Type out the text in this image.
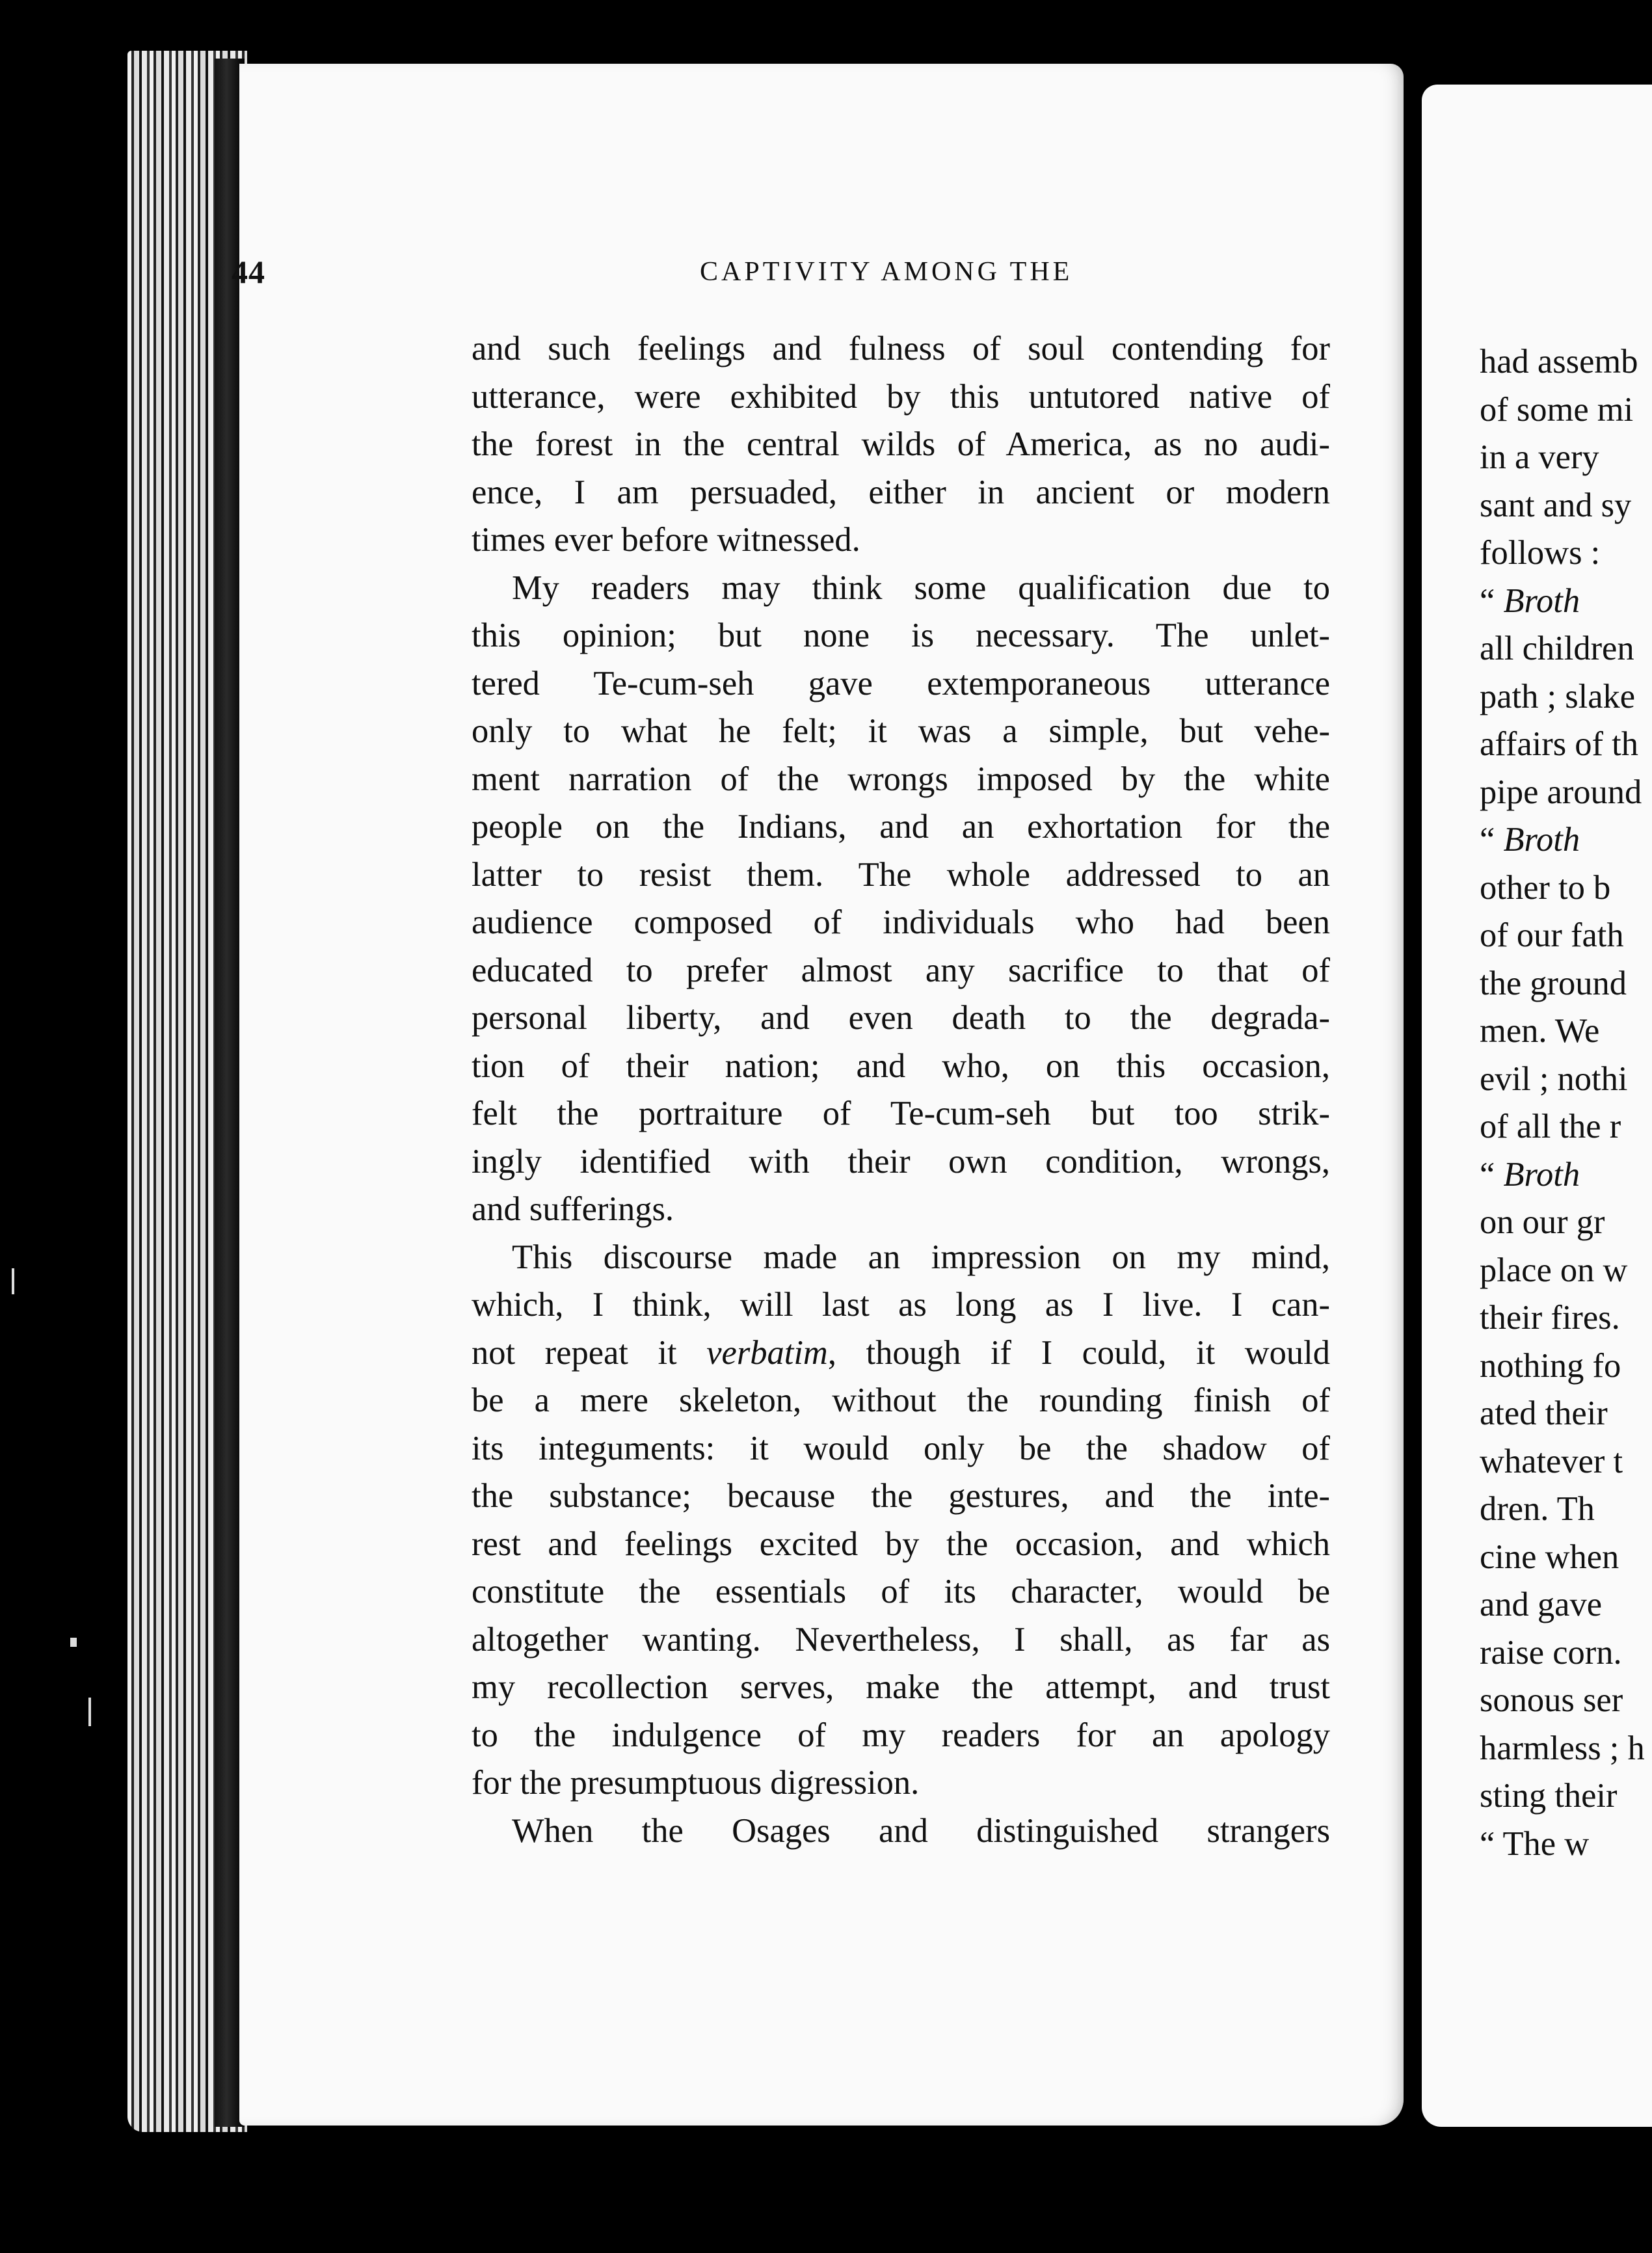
44	CAPTIVITY AMONG THE
and such feelings and fulness of soul contending for
utterance, were exhibited by this untutored native of
the forest in the central wilds of America, as no audi-
ence, I am persuaded, either in ancient or modern
times ever before witnessed.
My readers may think some qualification due to
this opinion; but none is necessary. The unlet-
tered Te-cum-seh gave extemporaneous utterance
only to what he felt; it was a simple, but vehe-
ment narration of the wrongs imposed by the white
people on the Indians, and an exhortation for the
latter to resist them. The whole addressed to an
audience composed of individuals who had been
educated to prefer almost any sacrifice to that of
personal liberty, and even death to the degrada-
tion of their nation; and who, on this occasion,
felt the portraiture of Te-cum-seh but too strik-
ingly identified with their own condition, wrongs,
and sufferings.
This discourse made an impression on my mind,
which, I think, will last as long as I live. I can-
not repeat it verbatim, though if I could, it would
be a mere skeleton, without the rounding finish of
its integuments: it would only be the shadow of
the substance; because the gestures, and the inte-
rest and feelings excited by the occasion, and which
constitute the essentials of its character, would be
altogether wanting. Nevertheless, I shall, as far as
my recollection serves, make the attempt, and trust
to the indulgence of my readers for an apology
for the presumptuous digression.
When the Osages and distinguished strangers
had assemb
of some mi
in a very
sant and sy
follows :
“ Broth
all children
path ; slake
affairs of th
pipe around
“ Broth
other to b
of our fath
the ground
men. We
evil ; nothi
of all the r
“ Broth
on our gr
place on w
their fires.
nothing fo
ated their
whatever t
dren. Th
cine when
and gave
raise corn.
sonous ser
harmless ; h
sting their
“ The w
